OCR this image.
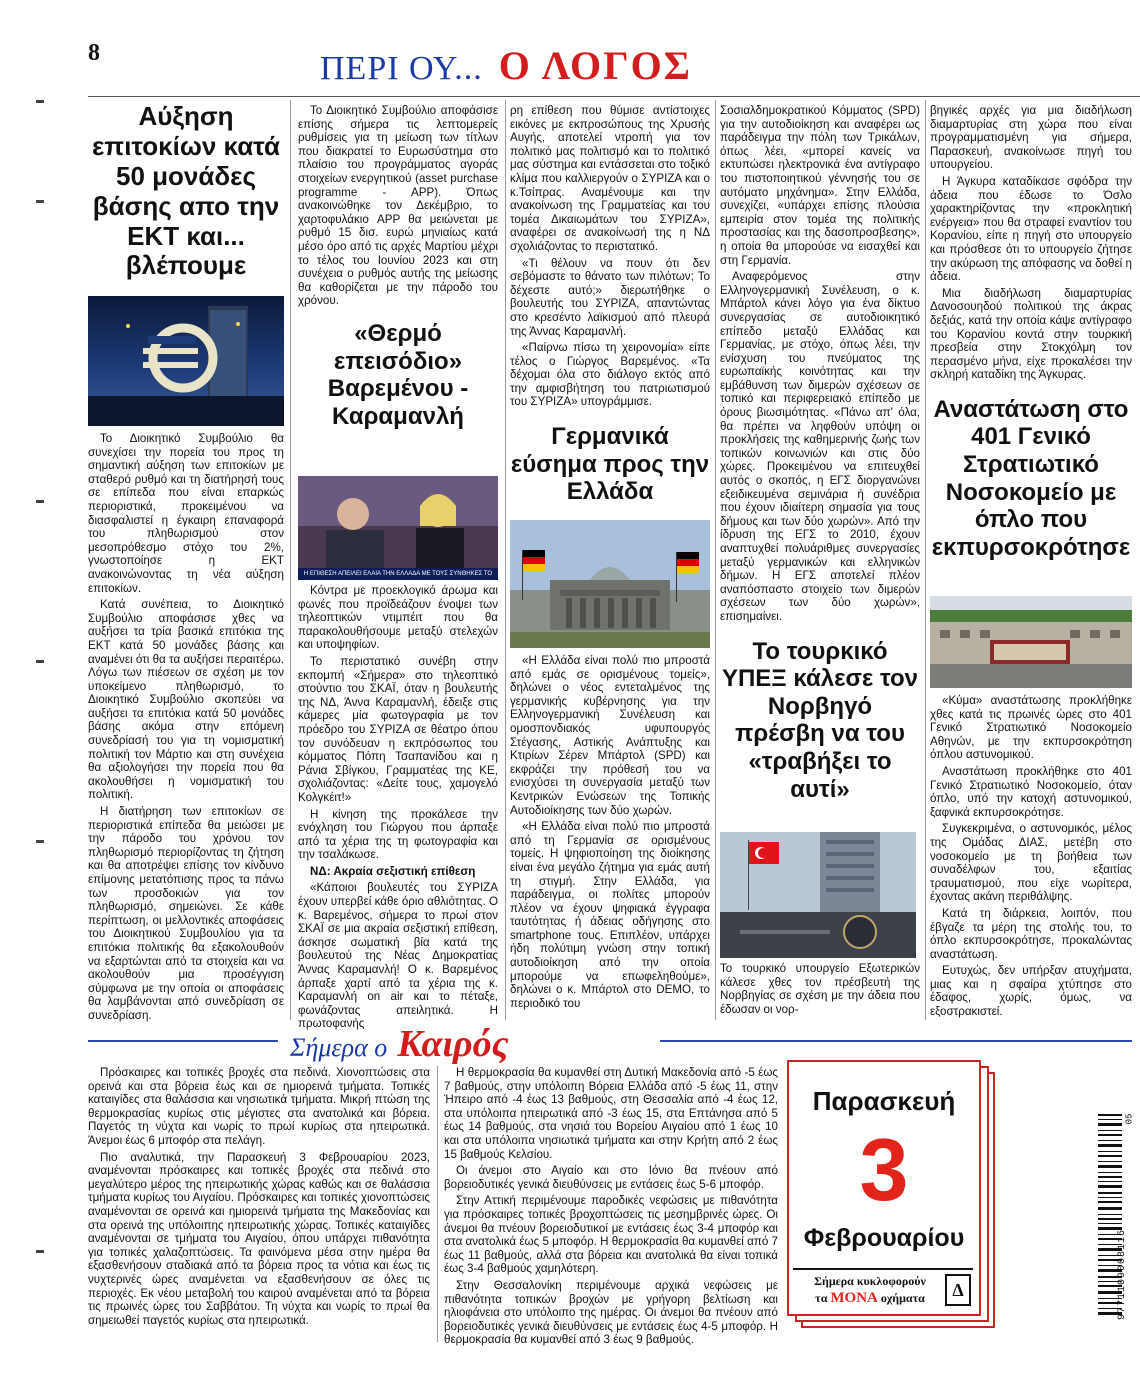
8	ΠΕΡΙ ΟΥ... Ο ΛΟΓΟΣ
Αύξηση επιτοκίων κατά 50 μονάδες βάσης απο την ΕΚΤ και... βλέπουμε

Το Διοικητικό Συμβούλιο θα συνεχίσει την πορεία του προς τη σημαντική αύξηση των επιτοκίων με σταθερό ρυθμό και τη διατήρησή τους σε επίπεδα που είναι επαρκώς περιοριστικά, προκειμένου να διασφαλιστεί η έγκαιρη επαναφορά του πληθωρισμού στον μεσοπρόθεσμο στόχο του 2%, γνωστοποίησε η ΕΚΤ ανακοινώνοντας τη νέα αύξηση επιτοκίων.

Κατά συνέπεια, το Διοικητικό Συμβούλιο αποφάσισε χθες να αυξήσει τα τρία βασικά επιτόκια της ΕΚΤ κατά 50 μονάδες βάσης και αναμένει ότι θα τα αυξήσει περαιτέρω. Λόγω των πιέσεων σε σχέση με τον υποκείμενο πληθωρισμό, το Διοικητικό Συμβούλιο σκοπεύει να αυξήσει τα επιτόκια κατά 50 μονάδες βάσης ακόμα στην επόμενη συνεδρίασή του για τη νομισματική πολιτική τον Μάρτιο και στη συνέχεια θα αξιολογήσει την πορεία που θα ακολουθήσει η νομισματική του πολιτική.

Η διατήρηση των επιτοκίων σε περιοριστικά επίπεδα θα μειώσει με την πάροδο του χρόνου τον πληθωρισμό περιορίζοντας τη ζήτηση και θα αποτρέψει επίσης τον κίνδυνο επίμονης μετατόπισης προς τα πάνω των προσδοκιών για τον πληθωρισμό, σημειώνει. Σε κάθε περίπτωση, οι μελλοντικές αποφάσεις του Διοικητικού Συμβουλίου για τα επιτόκια πολιτικής θα εξακολουθούν να εξαρτώνται από τα στοιχεία και να ακολουθούν μια προσέγγιση σύμφωνα με την οποία οι αποφάσεις θα λαμβάνονται από συνεδρίαση σε συνεδρίαση.

Το Διοικητικό Συμβούλιο αποφάσισε επίσης σήμερα τις λεπτομερείς ρυθμίσεις για τη μείωση των τίτλων που διακρατεί το Ευρωσύστημα στο πλαίσιο του προγράμματος αγοράς στοιχείων ενεργητικού (asset purchase programme - APP). Όπως ανακοινώθηκε τον Δεκέμβριο, το χαρτοφυλάκιο APP θα μειώνεται με ρυθμό 15 δισ. ευρώ μηνιαίως κατά μέσο όρο από τις αρχές Μαρτίου μέχρι το τέλος του Ιουνίου 2023 και στη συνέχεια ο ρυθμός αυτής της μείωσης θα καθορίζεται με την πάροδο του χρόνου.

«Θερμό επεισόδιο» Βαρεμένου - Καραμανλή
Η ΕΠΙΘΕΣΗ ΑΠΕΙΛΕΙ ΕΛΑΙΑ ΤΗΝ ΕΛΛΑΔΑ ΜΕ ΤΟΥΣ ΣΥΝΘΗΚΕΣ ΤΟ

Κόντρα με προεκλογικό άρωμα και φωνές που προϊδεάζουν ένοψει των τηλεοπτικών ντιμπέιτ που θα παρακολουθήσουμε μεταξύ στελεχών και υποψηφίων.

Το περιστατικό συνέβη στην εκπομπή «Σήμερα» στο τηλεοπτικό στούντιο του ΣΚΑΪ, όταν η βουλευτής της ΝΔ, Άννα Καραμανλή, έδειξε στις κάμερες μία φωτογραφία με τον πρόεδρο του ΣΥΡΙΖΑ σε θέατρο όπου τον συνόδευαν η εκπρόσωπος του κόμματος Πόπη Τσαπανίδου και η Ράνια Σβίγκου, Γραμματέας της ΚΕ, σχολιάζοντας: «Δείτε τους, χαμογελό Κολγκέιτ!»

Η κίνηση της προκάλεσε την ενόχληση του Γιώργου που άρπαξε από τα χέρια της τη φωτογραφία και την τσαλάκωσε.

ΝΔ: Ακραία σεξιστική επίθεση

«Κάποιοι βουλευτές του ΣΥΡΙΖΑ έχουν υπερβεί κάθε όριο αθλιότητας. Ο κ. Βαρεμένος, σήμερα το πρωί στον ΣΚΑΪ σε μια ακραία σεξιστική επίθεση, άσκησε σωματική βία κατά της βουλευτού της Νέας Δημοκρατίας Άννας Καραμανλή! Ο κ. Βαρεμένος άρπαξε χαρτί από τα χέρια της κ. Καραμανλή on air και το πέταξε, φωνάζοντας απειλητικά. Η πρωτοφανής

ρη επίθεση που θύμισε αντίστοιχες εικόνες με εκπροσώπους της Χρυσής Αυγής, αποτελεί ντροπή για τον πολιτικό μας πολιτισμό και το πολιτικό μας σύστημα και εντάσσεται στο τοξικό κλίμα που καλλιεργούν ο ΣΥΡΙΖΑ και ο κ.Τσίπρας. Αναμένουμε και την ανακοίνωση της Γραμματείας και του τομέα Δικαιωμάτων του ΣΥΡΙΖΑ», αναφέρει σε ανακοίνωσή της η ΝΔ σχολιάζοντας το περιστατικό.

«Τι θέλουν να πουν ότι δεν σεβόμαστε το θάνατο των πιλότων; Το δέχεστε αυτό;» διερωτήθηκε ο βουλευτής του ΣΥΡΙΖΑ, απαντώντας στο κρεσέντο λαϊκισμού από πλευρά της Άννας Καραμανλή.

«Παίρνω πίσω τη χειρονομία» είπε τέλος ο Γιώργος Βαρεμένος. «Τα δέχομαι όλα στο διάλογο εκτός από την αμφισβήτηση του πατριωτισμού του ΣΥΡΙΖΑ» υπογράμμισε.

Γερμανικά εύσημα προς την Ελλάδα

«Η Ελλάδα είναι πολύ πιο μπροστά από εμάς σε ορισμένους τομείς», δηλώνει ο νέος εντεταλμένος της γερμανικής κυβέρνησης για την Ελληνογερμανική Συνέλευση και ομοσπονδιακός υφυπουργός Στέγασης, Αστικής Ανάπτυξης και Κτιρίων Σέρεν Μπάρτολ (SPD) και εκφράζει την πρόθεσή του να ενισχύσει τη συνεργασία μεταξύ των Κεντρικών Ενώσεων της Τοπικής Αυτοδιοίκησης των δύο χωρών.

«Η Ελλάδα είναι πολύ πιο μπροστά από τη Γερμανία σε ορισμένους τομείς. Η ψηφιοποίηση της διοίκησης είναι ένα μεγάλο ζήτημα για εμάς αυτή τη στιγμή. Στην Ελλάδα, για παράδειγμα, οι πολίτες μπορούν πλέον να έχουν ψηφιακά έγγραφα ταυτότητας ή άδειας οδήγησης στο smartphone τους. Επιπλέον, υπάρχει ήδη πολύτιμη γνώση στην τοπική αυτοδιοίκηση από την οποία μπορούμε να επωφεληθούμε», δηλώνει ο κ. Μπάρτολ στο DEMO, το περιοδικό του

Σοσιαλδημοκρατικού Κόμματος (SPD) για την αυτοδιοίκηση και αναφέρει ως παράδειγμα την πόλη των Τρικάλων, όπως λέει, «μπορεί κανείς να εκτυπώσει ηλεκτρονικά ένα αντίγραφο του πιστοποιητικού γέννησής του σε αυτόματο μηχάνημα». Στην Ελλάδα, συνεχίζει, «υπάρχει επίσης πλούσια εμπειρία στον τομέα της πολιτικής προστασίας και της δασοπροσβεσης», η οποία θα μπορούσε να εισαχθεί και στη Γερμανία.

Αναφερόμενος στην Ελληνογερμανική Συνέλευση, ο κ. Μπάρτολ κάνει λόγο για ένα δίκτυο συνεργασίας σε αυτοδιοικητικό επίπεδο μεταξύ Ελλάδας και Γερμανίας, με στόχο, όπως λέει, την ενίσχυση του πνεύματος της ευρωπαϊκής κοινότητας και την εμβάθυνση των διμερών σχέσεων σε τοπικό και περιφερειακό επίπεδο με όρους βιωσιμότητας. «Πάνω απ' όλα, θα πρέπει να ληφθούν υπόψη οι προκλήσεις της καθημερινής ζωής των τοπικών κοινωνιών και στις δύο χώρες. Προκειμένου να επιτευχθεί αυτός ο σκοπός, η ΕΓΣ διοργανώνει εξειδικευμένα σεμινάρια ή συνέδρια που έχουν ιδιαίτερη σημασία για τους δήμους και των δύο χωρών». Από την ίδρυση της ΕΓΣ το 2010, έχουν αναπτυχθεί πολυάριθμες συνεργασίες μεταξύ γερμανικών και ελληνικών δήμων. Η ΕΓΣ αποτελεί πλέον αναπόσπαστο στοιχείο των διμερών σχέσεων των δύο χωρών», επισημαίνει.

Το τουρκικό ΥΠΕΞ κάλεσε τον Νορβηγό πρέσβη να του «τραβήξει το αυτί»
Το τουρκικό υπουργείο Εξωτερικών κάλεσε χθες τον πρέσβευτή της Νορβηγίας σε σχέση με την άδεια που έδωσαν οι νορ-

βηγικές αρχές για μια διαδήλωση διαμαρτυρίας στη χώρα που είναι προγραμματισμένη για σήμερα, Παρασκευή, ανακοίνωσε πηγή του υπουργείου.

Η Άγκυρα καταδίκασε σφόδρα την άδεια που έδωσε το Όσλο χαρακτηρίζοντας την «προκλητική ενέργεια» που θα στραφεί εναντίον του Κορανίου, είπε η πηγή στο υπουργείο και πρόσθεσε ότι το υπουργείο ζήτησε την ακύρωση της απόφασης να δοθεί η άδεια.

Μια διαδήλωση διαμαρτυρίας Δανοσουηδού πολιτικού της άκρας δεξιάς, κατά την οποία κάψε αντίγραφο του Κορανίου κοντά στην τουρκική πρεσβεία στην Στοκχόλμη τον περασμένο μήνα, είχε προκαλέσει την σκληρή καταδίκη της Άγκυρας.

Αναστάτωση στο 401 Γενικό Στρατιωτικό Νοσοκομείο με όπλο που εκπυρσοκρότησε

«Κύμα» αναστάτωσης προκλήθηκε χθες κατά τις πρωινές ώρες στο 401 Γενικό Στρατιωτικό Νοσοκομείο Αθηνών, με την εκπυρσοκρότηση όπλου αστυνομικού.

Αναστάτωση προκλήθηκε στο 401 Γενικό Στρατιωτικό Νοσοκομείο, όταν όπλο, υπό την κατοχή αστυνομικού, ξαφνικά εκπυρσοκρότησε.

Συγκεκριμένα, ο αστυνομικός, μέλος της Ομάδας ΔΙΑΣ, μετέβη στο νοσοκομείο με τη βοήθεια των συναδέλφων του, εξαιτίας τραυματισμού, που είχε νωρίτερα, έχοντας ακάνη περιθάλψης.

Κατά τη διάρκεια, λοιπόν, που έβγαζε τα μέρη της στολής του, το όπλο εκπυρσοκρότησε, προκαλώντας αναστάτωση.

Ευτυχώς, δεν υπήρξαν ατυχήματα, μιας και η σφαίρα χτύπησε στο έδαφος, χωρίς, όμως, να εξοστρακιστεί.

Σήμερα ο Καιρός

Πρόσκαιρες και τοπικές βροχές στα πεδινά. Χιονοπτώσεις στα ορεινά και στα βόρεια έως και σε ημιορεινά τμήματα. Τοπικές καταιγίδες στα θαλάσσια και νησιωτικά τμήματα. Μικρή πτώση της θερμοκρασίας κυρίως στις μέγιστες στα ανατολικά και βόρεια. Παγετός τη νύχτα και νωρίς το πρωί κυρίως στα ηπειρωτικά. Άνεμοι έως 6 μποφόρ στα πελάγη.

Πιο αναλυτικά, την Παρασκευή 3 Φεβρουαρίου 2023, αναμένονται πρόσκαιρες και τοπικές βροχές στα πεδινά στο μεγαλύτερο μέρος της ηπειρωτικής χώρας καθώς και σε θαλάσσια τμήματα κυρίως του Αιγαίου. Πρόσκαιρες και τοπικές χιονοπτώσεις αναμένονται σε ορεινά και ημιορεινά τμήματα της Μακεδονίας και στα ορεινά της υπόλοιπης ηπειρωτικής χώρας. Τοπικές καταιγίδες αναμένονται σε τμήματα του Αιγαίου, όπου υπάρχει πιθανότητα για τοπικές χαλαζοπτώσεις. Τα φαινόμενα μέσα στην ημέρα θα εξασθενήσουν σταδιακά από τα βόρεια προς τα νότια και έως τις νυχτερινές ώρες αναμένεται να εξασθενήσουν σε όλες τις περιοχές. Εκ νέου μεταβολή του καιρού αναμένεται από τα βόρεια τις πρωινές ώρες του Σαββάτου. Τη νύχτα και νωρίς το πρωί θα σημειωθεί παγετός κυρίως στα ηπειρωτικά.

Η θερμοκρασία θα κυμανθεί στη Δυτική Μακεδονία από -5 έως 7 βαθμούς, στην υπόλοιπη Βόρεια Ελλάδα από -5 έως 11, στην Ήπειρο από -4 έως 13 βαθμούς, στη Θεσσαλία από -4 έως 12, στα υπόλοιπα ηπειρωτικά από -3 έως 15, στα Επτάνησα από 5 έως 14 βαθμούς, στα νησιά του Βορείου Αιγαίου από 1 έως 10 και στα υπόλοιπα νησιωτικά τμήματα και στην Κρήτη από 2 έως 15 βαθμούς Κελσίου.

Οι άνεμοι στο Αιγαίο και στο Ιόνιο θα πνέουν από βορειοδυτικές γενικά διευθύνσεις με εντάσεις έως 5-6 μποφόρ.

Στην Αττική περιμένουμε παροδικές νεφώσεις με πιθανότητα για πρόσκαιρες τοπικές βροχοπτώσεις τις μεσημβρινές ώρες. Οι άνεμοι θα πνέουν βορειοδυτικοί με εντάσεις έως 3-4 μποφόρ και στα ανατολικά έως 5 μποφόρ. Η θερμοκρασία θα κυμανθεί από 7 έως 11 βαθμούς, αλλά στα βόρεια και ανατολικά θα είναι τοπικά έως 3-4 βαθμούς χαμηλότερη.

Στην Θεσσαλονίκη περιμένουμε αρχικά νεφώσεις με πιθανότητα τοπικών βροχών με γρήγορη βελτίωση και ηλιοφάνεια στο υπόλοιπο της ημέρας. Οι άνεμοι θα πνέουν από βορειοδυτικές γενικά διευθύνσεις με εντάσεις έως 4-5 μποφόρ. Η θερμοκρασία θα κυμανθεί από 3 έως 9 βαθμούς.

Παρασκευή
3
Φεβρουαρίου
Σήμερα κυκλοφορούν
τα ΜΟΝΑ οχήματα	Δ	9771109003115
05
